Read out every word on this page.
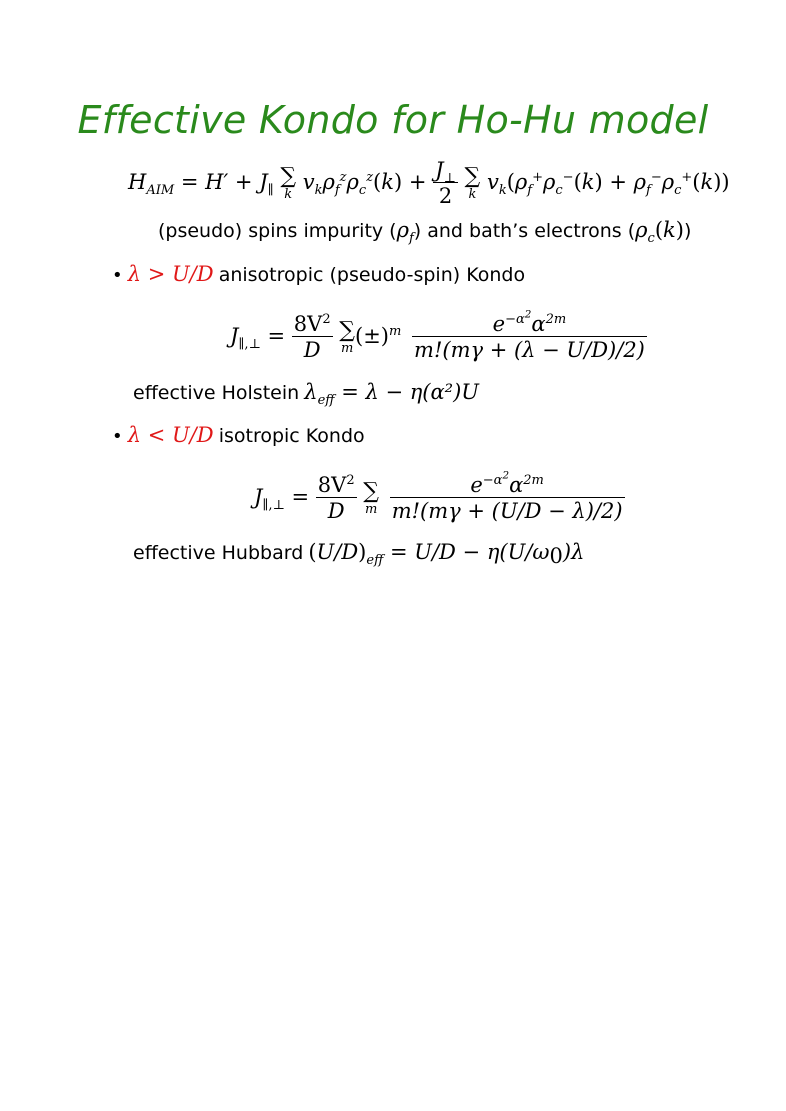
Effective Kondo for Ho-Hu model
$H_{AIM} = H' + J_\parallel$
∑
k $v_k\rho_f^z\rho_c^z(k) + \frac{J_\perp}{2}$
∑
k $v_k(\rho_f^+\rho_c^-(k) + \rho_f^-\rho_c^+(k))$
(pseudo) spins impurity $(\rho_f)$ and bath’s electrons $(\rho_c(k))$
• λ > U/D anisotropic (pseudo-spin) Kondo
$J_{\parallel,\perp} = \frac{8V^2}{D}$
∑
m $(\pm)^m \frac{e^{-\alpha^2}\alpha^{2m}}{m!(m\gamma + (\lambda - U/D)/2)}$
effective Holstein $\lambda_{eff} = \lambda - \eta(\alpha^2)U$
• λ < U/D isotropic Kondo
$J_{\parallel,\perp} = \frac{8V^2}{D}$
∑
m
$\frac{e^{-\alpha^2}\alpha^{2m}}{m!(m\gamma + (U/D - \lambda)/2)}$
effective Hubbard $(U/D)_{eff} = U/D - \eta(U/\omega_0)\lambda$
